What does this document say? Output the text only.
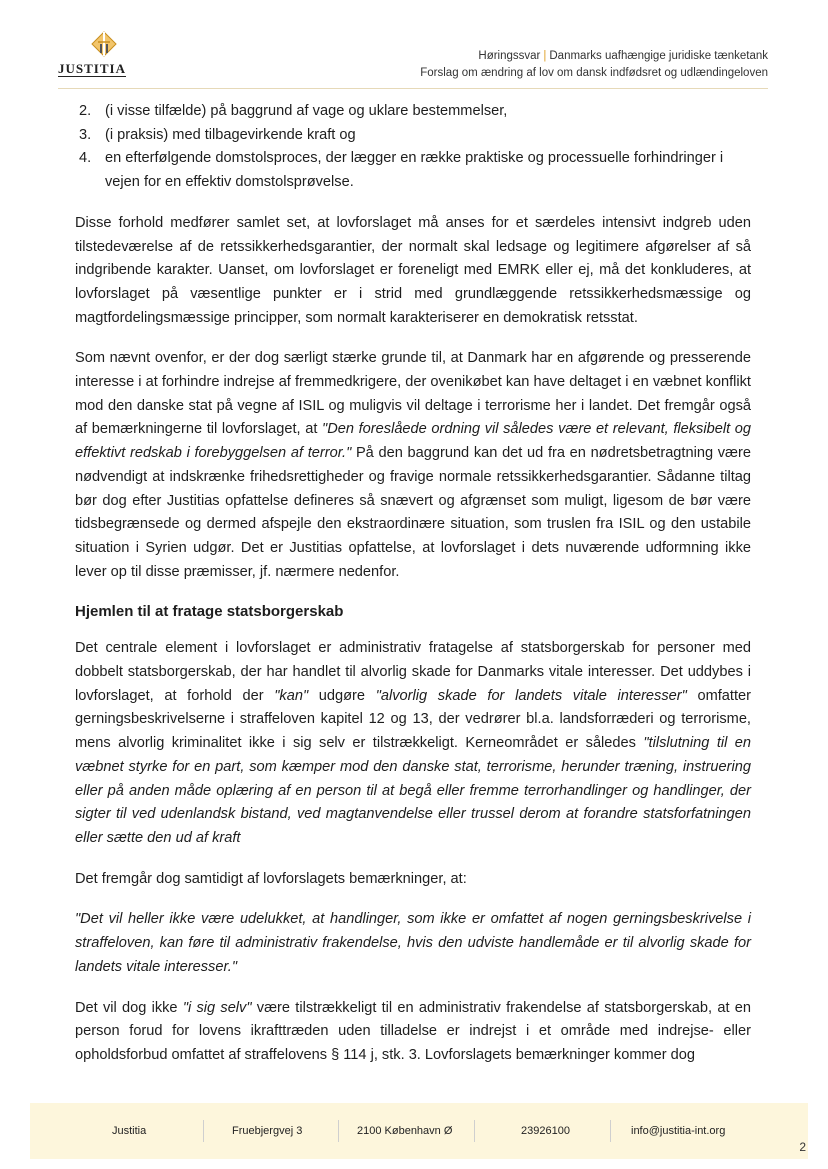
JUSTITIA
Høringssvar | Danmarks uafhængige juridiske tænketank
Forslag om ændring af lov om dansk indfødsret og udlændingeloven
2. (i visse tilfælde) på baggrund af vage og uklare bestemmelser,
3. (i praksis) med tilbagevirkende kraft og
4. en efterfølgende domstolsproces, der lægger en række praktiske og processuelle forhindringer i vejen for en effektiv domstolsprøvelse.

Disse forhold medfører samlet set, at lovforslaget må anses for et særdeles intensivt indgreb uden tilstedeværelse af de retssikkerhedsgarantier, der normalt skal ledsage og legitimere afgørelser af så indgribende karakter. Uanset, om lovforslaget er foreneligt med EMRK eller ej, må det konkluderes, at lovforslaget på væsentlige punkter er i strid med grundlæggende retssikkerhedsmæssige og magtfordelingsmæssige principper, som normalt karakteriserer en demokratisk retsstat.

Som nævnt ovenfor, er der dog særligt stærke grunde til, at Danmark har en afgørende og presserende interesse i at forhindre indrejse af fremmedkrigere, der ovenikøbet kan have deltaget i en væbnet konflikt mod den danske stat på vegne af ISIL og muligvis vil deltage i terrorisme her i landet. Det fremgår også af bemærkningerne til lovforslaget, at "Den foreslåede ordning vil således være et relevant, fleksibelt og effektivt redskab i forebyggelsen af terror." På den baggrund kan det ud fra en nødretsbetragtning være nødvendigt at indskrænke frihedsrettigheder og fravige normale retssikkerhedsgarantier. Sådanne tiltag bør dog efter Justitias opfattelse defineres så snævert og afgrænset som muligt, ligesom de bør være tidsbegrænsede og dermed afspejle den ekstraordinære situation, som truslen fra ISIL og den ustabile situation i Syrien udgør. Det er Justitias opfattelse, at lovforslaget i dets nuværende udformning ikke lever op til disse præmisser, jf. nærmere nedenfor.

Hjemlen til at fratage statsborgerskab

Det centrale element i lovforslaget er administrativ fratagelse af statsborgerskab for personer med dobbelt statsborgerskab, der har handlet til alvorlig skade for Danmarks vitale interesser. Det uddybes i lovforslaget, at forhold der "kan" udgøre "alvorlig skade for landets vitale interesser" omfatter gerningsbeskrivelserne i straffeloven kapitel 12 og 13, der vedrører bl.a. landsforræderi og terrorisme, mens alvorlig kriminalitet ikke i sig selv er tilstrækkeligt. Kerneområdet er således "tilslutning til en væbnet styrke for en part, som kæmper mod den danske stat, terrorisme, herunder træning, instruering eller på anden måde oplæring af en person til at begå eller fremme terrorhandlinger og handlinger, der sigter til ved udenlandsk bistand, ved magtanvendelse eller trussel derom at forandre statsforfatningen eller sætte den ud af kraft

Det fremgår dog samtidigt af lovforslagets bemærkninger, at:

"Det vil heller ikke være udelukket, at handlinger, som ikke er omfattet af nogen gerningsbeskrivelse i straffeloven, kan føre til administrativ frakendelse, hvis den udviste handlemåde er til alvorlig skade for landets vitale interesser."

Det vil dog ikke "i sig selv" være tilstrækkeligt til en administrativ frakendelse af statsborgerskab, at en person forud for lovens ikrafttræden uden tilladelse er indrejst i et område med indrejse- eller opholdsforbud omfattet af straffelovens § 114 j, stk. 3. Lovforslagets bemærkninger kommer dog

Justitia	Fruebjergvej 3	2100 København Ø	23926100	info@justitia-int.org
2
